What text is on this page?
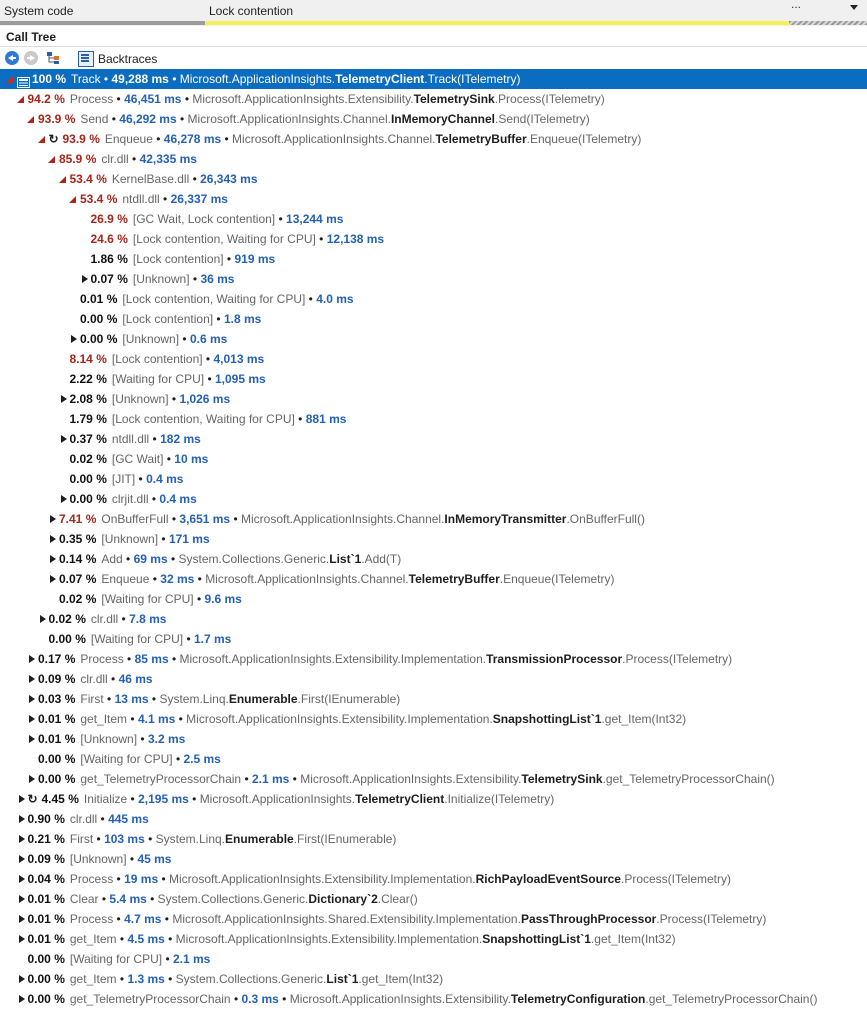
System code	Lock contention	...
Call Tree
Backtraces
100 % Track • 49,288 ms • Microsoft.ApplicationInsights.TelemetryClient.Track(ITelemetry)
94.2 % Process • 46,451 ms • Microsoft.ApplicationInsights.Extensibility.TelemetrySink.Process(ITelemetry)
93.9 % Send • 46,292 ms • Microsoft.ApplicationInsights.Channel.InMemoryChannel.Send(ITelemetry)
↻ 93.9 % Enqueue • 46,278 ms • Microsoft.ApplicationInsights.Channel.TelemetryBuffer.Enqueue(ITelemetry)
85.9 % clr.dll • 42,335 ms
53.4 % KernelBase.dll • 26,343 ms
53.4 % ntdll.dll • 26,337 ms
26.9 % [GC Wait, Lock contention] • 13,244 ms
24.6 % [Lock contention, Waiting for CPU] • 12,138 ms
1.86 % [Lock contention] • 919 ms
0.07 % [Unknown] • 36 ms
0.01 % [Lock contention, Waiting for CPU] • 4.0 ms
0.00 % [Lock contention] • 1.8 ms
0.00 % [Unknown] • 0.6 ms
8.14 % [Lock contention] • 4,013 ms
2.22 % [Waiting for CPU] • 1,095 ms
2.08 % [Unknown] • 1,026 ms
1.79 % [Lock contention, Waiting for CPU] • 881 ms
0.37 % ntdll.dll • 182 ms
0.02 % [GC Wait] • 10 ms
0.00 % [JIT] • 0.4 ms
0.00 % clrjit.dll • 0.4 ms
7.41 % OnBufferFull • 3,651 ms • Microsoft.ApplicationInsights.Channel.InMemoryTransmitter.OnBufferFull()
0.35 % [Unknown] • 171 ms
0.14 % Add • 69 ms • System.Collections.Generic.List`1.Add(T)
0.07 % Enqueue • 32 ms • Microsoft.ApplicationInsights.Channel.TelemetryBuffer.Enqueue(ITelemetry)
0.02 % [Waiting for CPU] • 9.6 ms
0.02 % clr.dll • 7.8 ms
0.00 % [Waiting for CPU] • 1.7 ms
0.17 % Process • 85 ms • Microsoft.ApplicationInsights.Extensibility.Implementation.TransmissionProcessor.Process(ITelemetry)
0.09 % clr.dll • 46 ms
0.03 % First • 13 ms • System.Linq.Enumerable.First(IEnumerable)
0.01 % get_Item • 4.1 ms • Microsoft.ApplicationInsights.Extensibility.Implementation.SnapshottingList`1.get_Item(Int32)
0.01 % [Unknown] • 3.2 ms
0.00 % [Waiting for CPU] • 2.5 ms
0.00 % get_TelemetryProcessorChain • 2.1 ms • Microsoft.ApplicationInsights.Extensibility.TelemetrySink.get_TelemetryProcessorChain()
↻ 4.45 % Initialize • 2,195 ms • Microsoft.ApplicationInsights.TelemetryClient.Initialize(ITelemetry)
0.90 % clr.dll • 445 ms
0.21 % First • 103 ms • System.Linq.Enumerable.First(IEnumerable)
0.09 % [Unknown] • 45 ms
0.04 % Process • 19 ms • Microsoft.ApplicationInsights.Extensibility.Implementation.RichPayloadEventSource.Process(ITelemetry)
0.01 % Clear • 5.4 ms • System.Collections.Generic.Dictionary`2.Clear()
0.01 % Process • 4.7 ms • Microsoft.ApplicationInsights.Shared.Extensibility.Implementation.PassThroughProcessor.Process(ITelemetry)
0.01 % get_Item • 4.5 ms • Microsoft.ApplicationInsights.Extensibility.Implementation.SnapshottingList`1.get_Item(Int32)
0.00 % [Waiting for CPU] • 2.1 ms
0.00 % get_Item • 1.3 ms • System.Collections.Generic.List`1.get_Item(Int32)
0.00 % get_TelemetryProcessorChain • 0.3 ms • Microsoft.ApplicationInsights.Extensibility.TelemetryConfiguration.get_TelemetryProcessorChain()
